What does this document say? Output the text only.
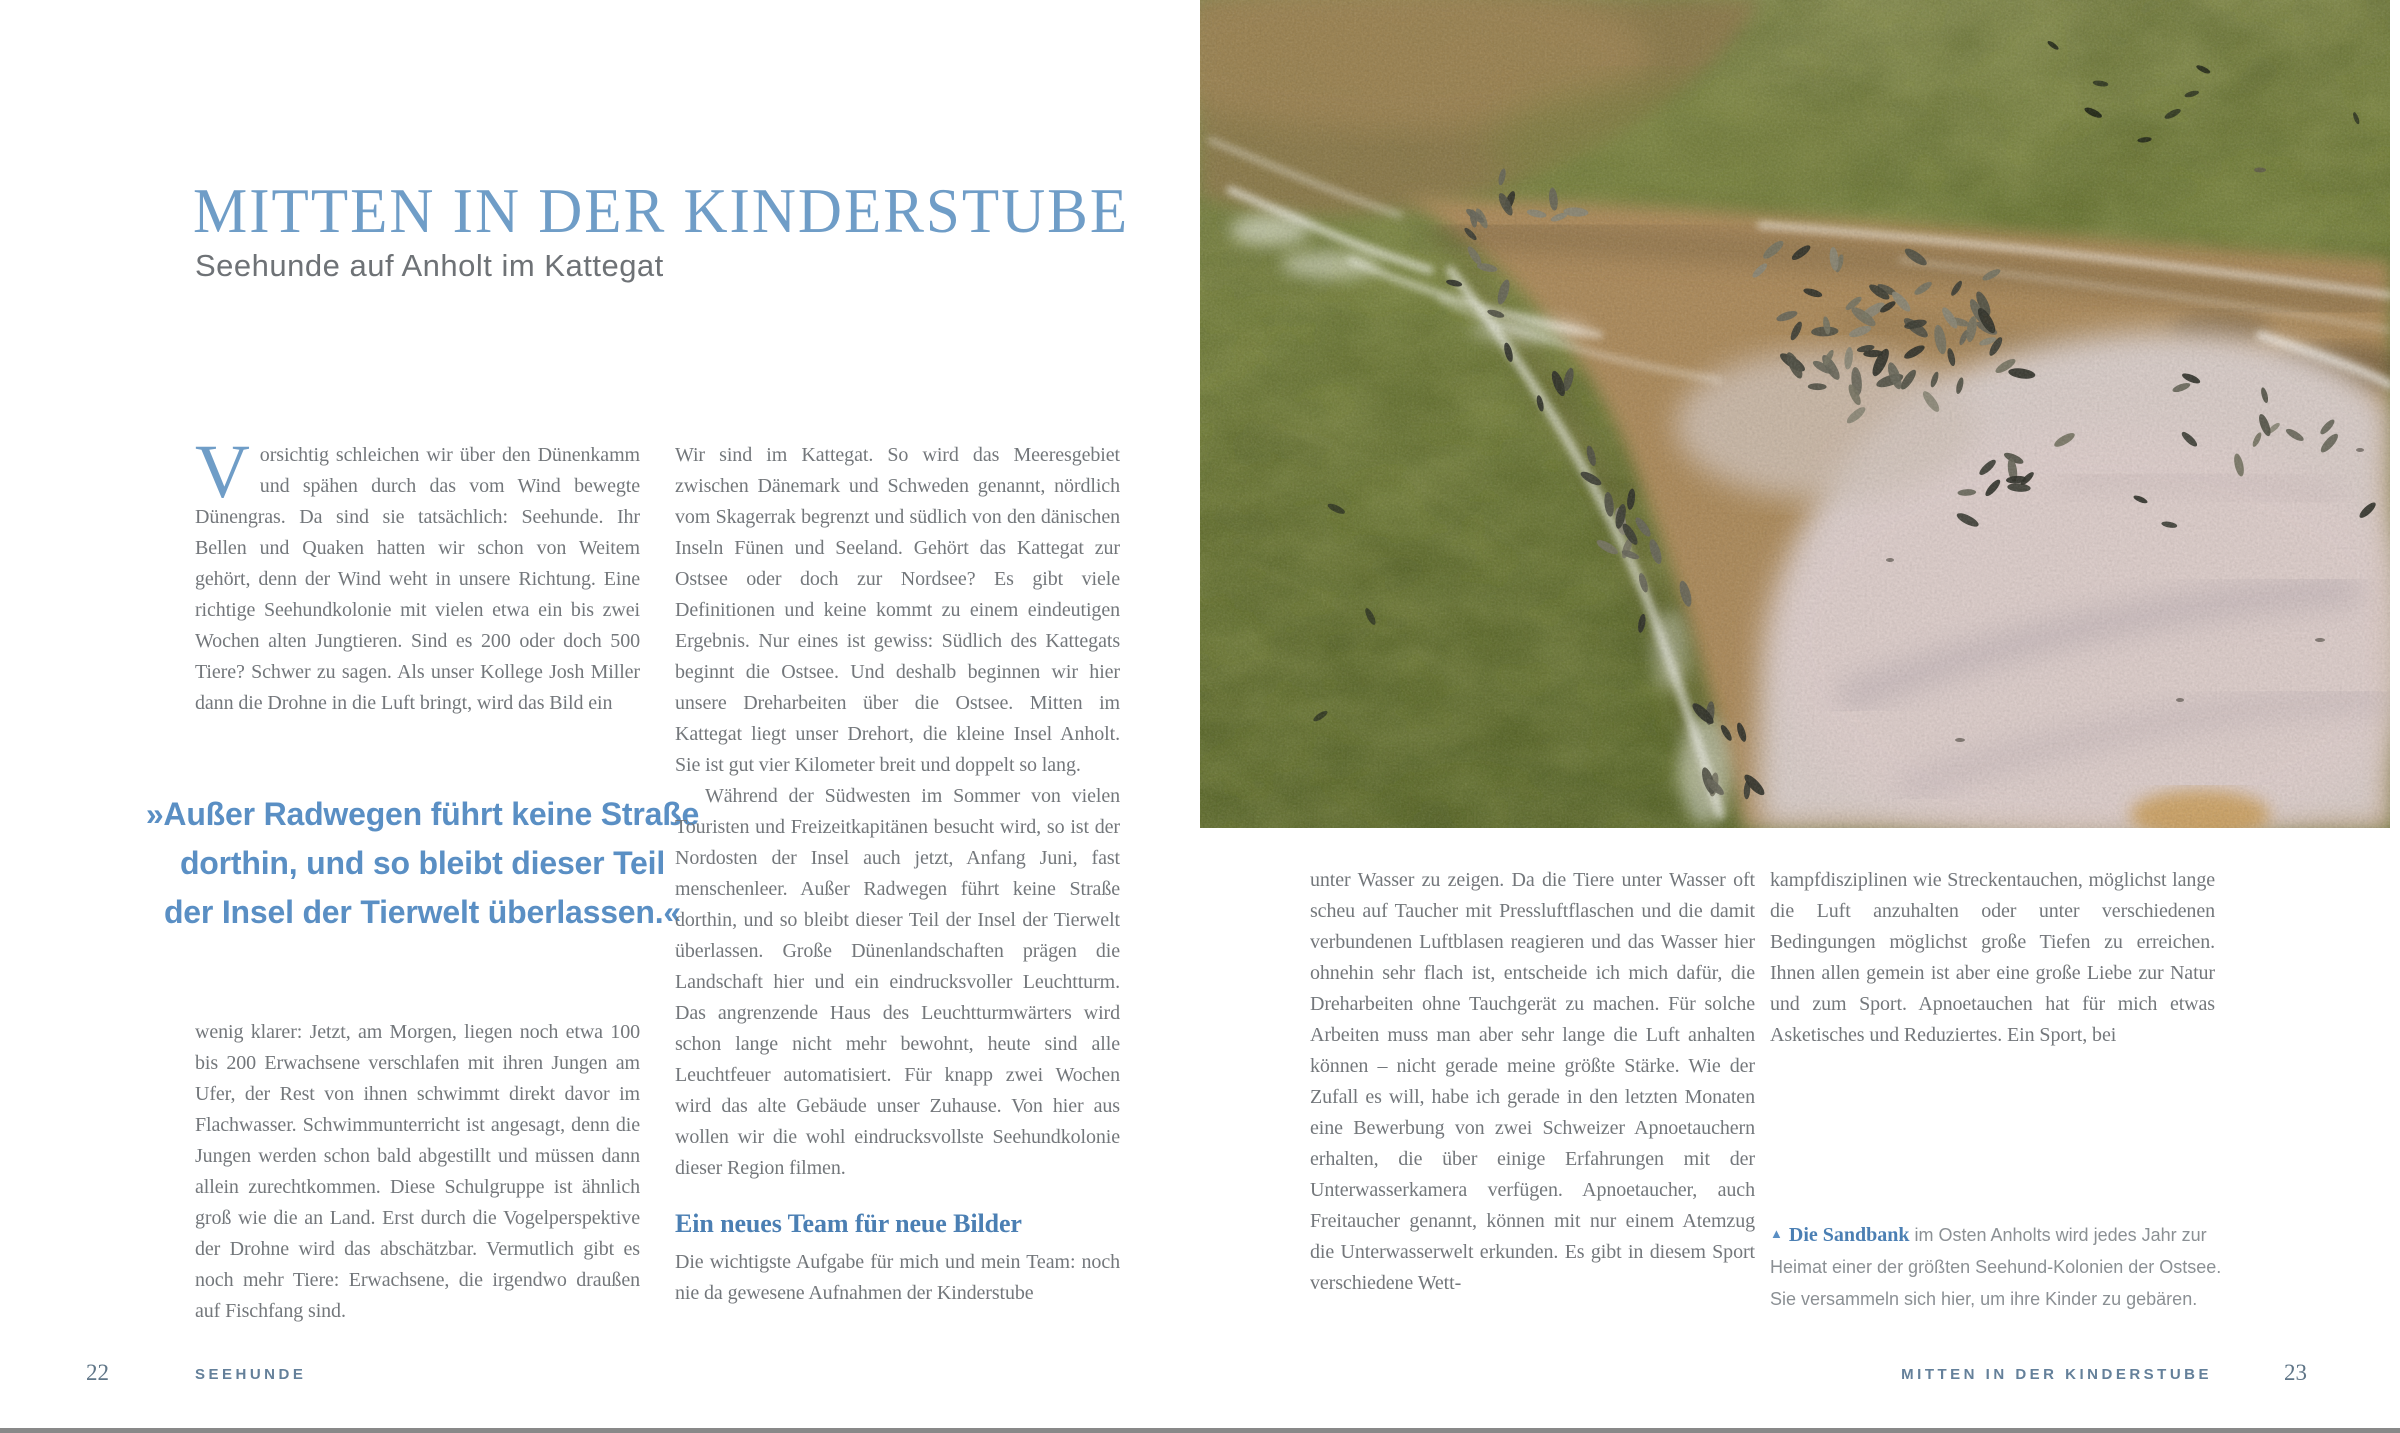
MITTEN IN DER KINDERSTUBE
Seehunde auf Anholt im Kattegat

Vorsichtig schleichen wir über den Dünenkamm und spähen durch das vom Wind bewegte Dünengras. Da sind sie tatsächlich: Seehunde. Ihr Bellen und Quaken hatten wir schon von Weitem gehört, denn der Wind weht in unsere Richtung. Eine richtige Seehundkolonie mit vielen etwa ein bis zwei Wochen alten Jungtieren. Sind es 200 oder doch 500 Tiere? Schwer zu sagen. Als unser Kollege Josh Miller dann die Drohne in die Luft bringt, wird das Bild ein

»Außer Radwegen führt keine Straße
dorthin, und so bleibt dieser Teil
der Insel der Tierwelt überlassen.«

wenig klarer: Jetzt, am Morgen, liegen noch etwa 100 bis 200 Erwachsene verschlafen mit ihren Jungen am Ufer, der Rest von ihnen schwimmt direkt davor im Flachwasser. Schwimmunterricht ist angesagt, denn die Jungen werden schon bald abgestillt und müssen dann allein zurechtkommen. Diese Schulgruppe ist ähnlich groß wie die an Land. Erst durch die Vogelperspektive der Drohne wird das abschätzbar. Vermutlich gibt es noch mehr Tiere: Erwachsene, die irgendwo draußen auf Fischfang sind.

Wir sind im Kattegat. So wird das Meeresgebiet zwischen Dänemark und Schweden genannt, nördlich vom Skagerrak begrenzt und südlich von den dänischen Inseln Fünen und Seeland. Gehört das Kattegat zur Ostsee oder doch zur Nordsee? Es gibt viele Definitionen und keine kommt zu einem eindeutigen Ergebnis. Nur eines ist gewiss: Südlich des Kattegats beginnt die Ostsee. Und deshalb beginnen wir hier unsere Dreharbeiten über die Ostsee. Mitten im Kattegat liegt unser Drehort, die kleine Insel Anholt. Sie ist gut vier Kilometer breit und doppelt so lang.

Während der Südwesten im Sommer von vielen Touristen und Freizeitkapitänen besucht wird, so ist der Nordosten der Insel auch jetzt, Anfang Juni, fast menschenleer. Außer Radwegen führt keine Straße dorthin, und so bleibt dieser Teil der Insel der Tierwelt überlassen. Große Dünenlandschaften prägen die Landschaft hier und ein eindrucksvoller Leuchtturm. Das angrenzende Haus des Leuchtturmwärters wird schon lange nicht mehr bewohnt, heute sind alle Leuchtfeuer automatisiert. Für knapp zwei Wochen wird das alte Gebäude unser Zuhause. Von hier aus wollen wir die wohl eindrucksvollste Seehundkolonie dieser Region filmen.

Ein neues Team für neue Bilder

Die wichtigste Aufgabe für mich und mein Team: noch nie da gewesene Aufnahmen der Kinderstube

22	SEEHUNDE

unter Wasser zu zeigen. Da die Tiere unter Wasser oft scheu auf Taucher mit Pressluftflaschen und die damit verbundenen Luftblasen reagieren und das Wasser hier ohnehin sehr flach ist, entscheide ich mich dafür, die Dreharbeiten ohne Tauchgerät zu machen. Für solche Arbeiten muss man aber sehr lange die Luft anhalten können – nicht gerade meine größte Stärke. Wie der Zufall es will, habe ich gerade in den letzten Monaten eine Bewerbung von zwei Schweizer Apnoetauchern erhalten, die über einige Erfahrungen mit der Unterwasserkamera verfügen. Apnoetaucher, auch Freitaucher genannt, können mit nur einem Atemzug die Unterwasserwelt erkunden. Es gibt in diesem Sport verschiedene Wett-

kampfdisziplinen wie Streckentauchen, möglichst lange die Luft anzuhalten oder unter verschiedenen Bedingungen möglichst große Tiefen zu erreichen. Ihnen allen gemein ist aber eine große Liebe zur Natur und zum Sport. Apnoetauchen hat für mich etwas Asketisches und Reduziertes. Ein Sport, bei

▲ Die Sandbank im Osten Anholts wird jedes Jahr zur Heimat einer der größten Seehund-Kolonien der Ostsee. Sie versammeln sich hier, um ihre Kinder zu gebären.

MITTEN IN DER KINDERSTUBE	23
